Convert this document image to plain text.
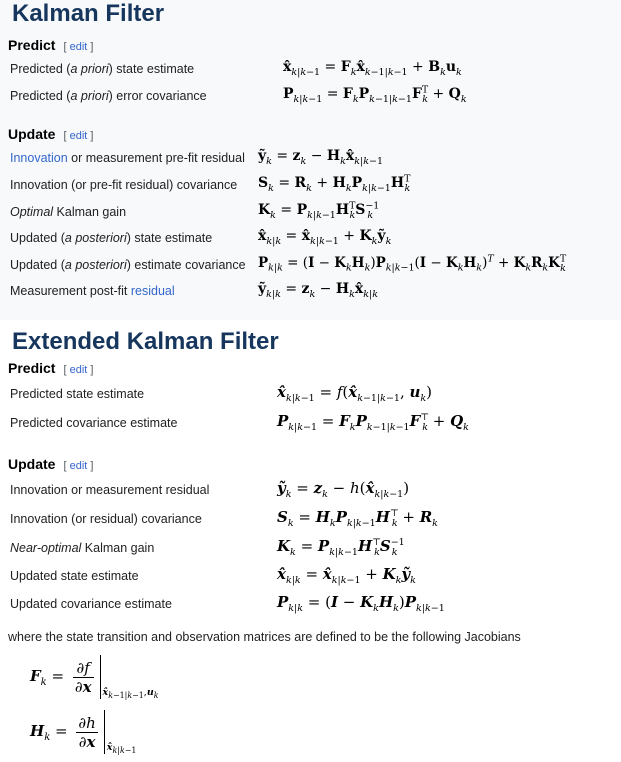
Kalman Filter
Predict [ edit ]
Predicted (a priori) state estimate	$x̂_{k|k-1}$ = $F_kx̂_{k-1|k-1} + B_ku_k$
Predicted (a priori) error covariance	$P_{k|k-1} = F_kP_{k-1|k-1}F^T_k + Q_k$
Update [ edit ]
Innovation or measurement pre-fit residual ỹ$_k$ = $z_k$ − $H_kx̂_{k|k-1}$
Innovation (or pre-fit residual) covariance $S_k = R_k + H_kP_{k|k-1}H^T_k$
Optimal Kalman gain	$K_k = P_{k|k-1}H^T_kS^{-1}_k$
Updated (a posteriori) state estimate	$x̂_{k|k}$ = $x̂_{k|k-1}$ + $K_kỹ_k$
Updated (a posteriori) estimate covariance $P_{k|k} = (I - K_kH_k)P_{k|k-1}(I - K_kH_k)^T + K_kR_kK^T_k$
Measurement post-fit residual	ỹ$_{k|k}$ = $z_k$ − $H_kx̂_{k|k}$
Extended Kalman Filter
Predict [ edit ]
Predicted state estimate	$x̂_{k|k-1}$ = $f(x̂_{k-1|k-1}$, $u_k$)
Predicted covariance estimate	$P_{k|k-1} = F_kP_{k-1|k-1}F^⊤_k + Q_k$
Update [ edit ]
Innovation or measurement residual	ỹ$_k$ = $z_k$ − $h(x̂_{k|k-1})$
Innovation (or residual) covariance	$S_k = H_kP_{k|k-1}H^⊤_k + R_k$
Near-optimal Kalman gain	$K_k = P_{k|k-1}H^⊤_kS^{-1}_k$
Updated state estimate	$x̂_{k|k}$ = $x̂_{k|k-1}$ + $K_kỹ_k$
Updated covariance estimate	$P_{k|k} = (I - K_kH_k)P_{k|k-1}$
where the state transition and observation matrices are defined to be the following Jacobians
$F_k = \frac{\partial f}{\partial x} _{x̂_{k-1|k-1},u_k}$
$H_k = \frac{\partial h}{\partial x} _{x̂_{k|k-1}}$
